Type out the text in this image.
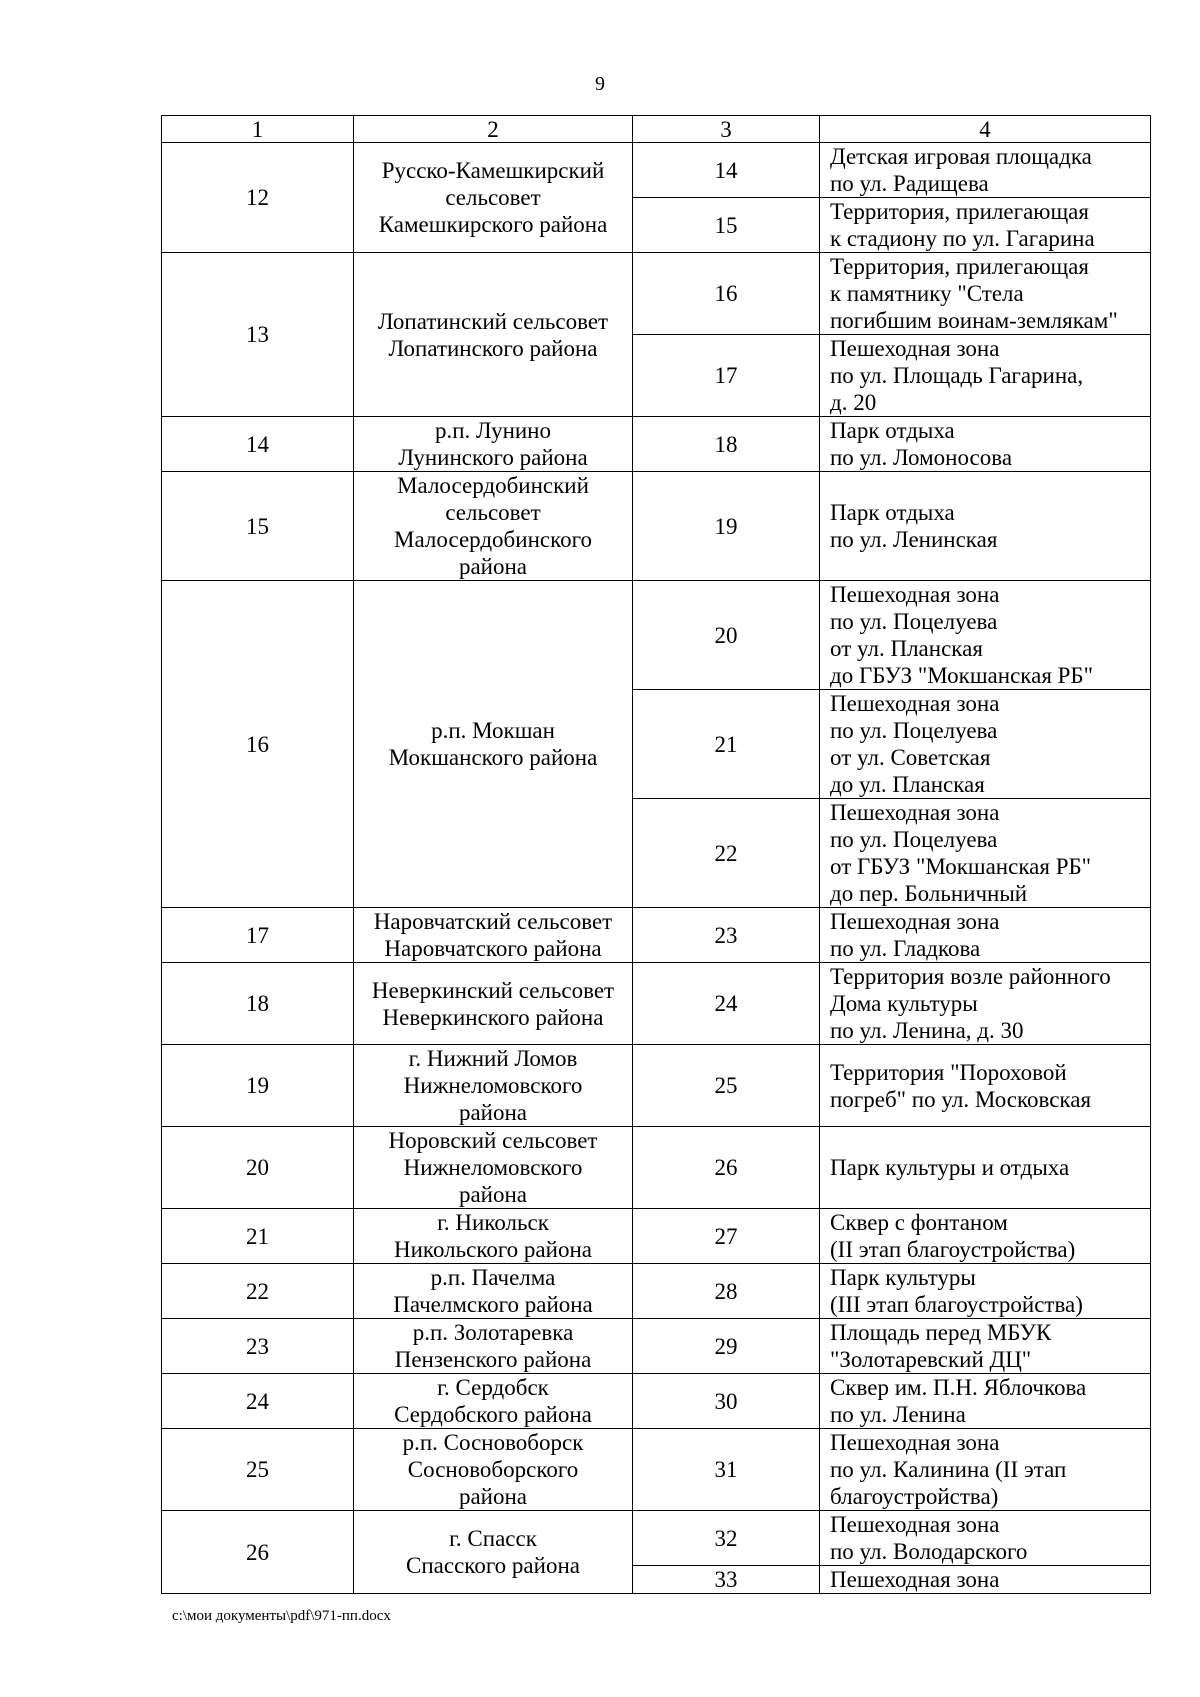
9
1	2	3	4
12	Русско-Камешкирский
сельсовет
Камешкирского района	14	Детская игровая площадка
по ул. Радищева

		15	Территория, прилегающая
к стадиону по ул. Гагарина

13	Лопатинский сельсовет
Лопатинского района	16	Территория, прилегающая
к памятнику "Стела
погибшим воинам-землякам"

		17	Пешеходная зона
по ул. Площадь Гагарина,
д. 20

14	р.п. Лунино
Лунинского района	18	Парк отдыха
по ул. Ломоносова

15	Малосердобинский
сельсовет
Малосердобинского
района	19	Парк отдыха
по ул. Ленинская

16	р.п. Мокшан
Мокшанского района	20	Пешеходная зона
по ул. Поцелуева
от ул. Планская
до ГБУЗ "Мокшанская РБ"

		21	Пешеходная зона
по ул. Поцелуева
от ул. Советская
до ул. Планская

		22	Пешеходная зона
по ул. Поцелуева
от ГБУЗ "Мокшанская РБ"
до пер. Больничный

17	Наровчатский сельсовет
Наровчатского района	23	Пешеходная зона
по ул. Гладкова

18	Неверкинский сельсовет
Неверкинского района	24	Территория возле районного
Дома культуры
по ул. Ленина, д. 30

19	г. Нижний Ломов
Нижнеломовского
района	25	Территория "Пороховой
погреб" по ул. Московская

20	Норовский сельсовет
Нижнеломовского
района	26	Парк культуры и отдыха

21	г. Никольск
Никольского района	27	Сквер с фонтаном
(II этап благоустройства)

22	р.п. Пачелма
Пачелмского района	28	Парк культуры
(III этап благоустройства)

23	р.п. Золотаревка
Пензенского района	29	Площадь перед МБУК
"Золотаревский ДЦ"

24	г. Сердобск
Сердобского района	30	Сквер им. П.Н. Яблочкова
по ул. Ленина

25	р.п. Сосновоборск
Сосновоборского
района	31	Пешеходная зона
по ул. Калинина (II этап
благоустройства)

26	г. Спасск
Спасского района	32	Пешеходная зона
по ул. Володарского

		33	Пешеходная зона
c:\мои документы\pdf\971-пп.docx
